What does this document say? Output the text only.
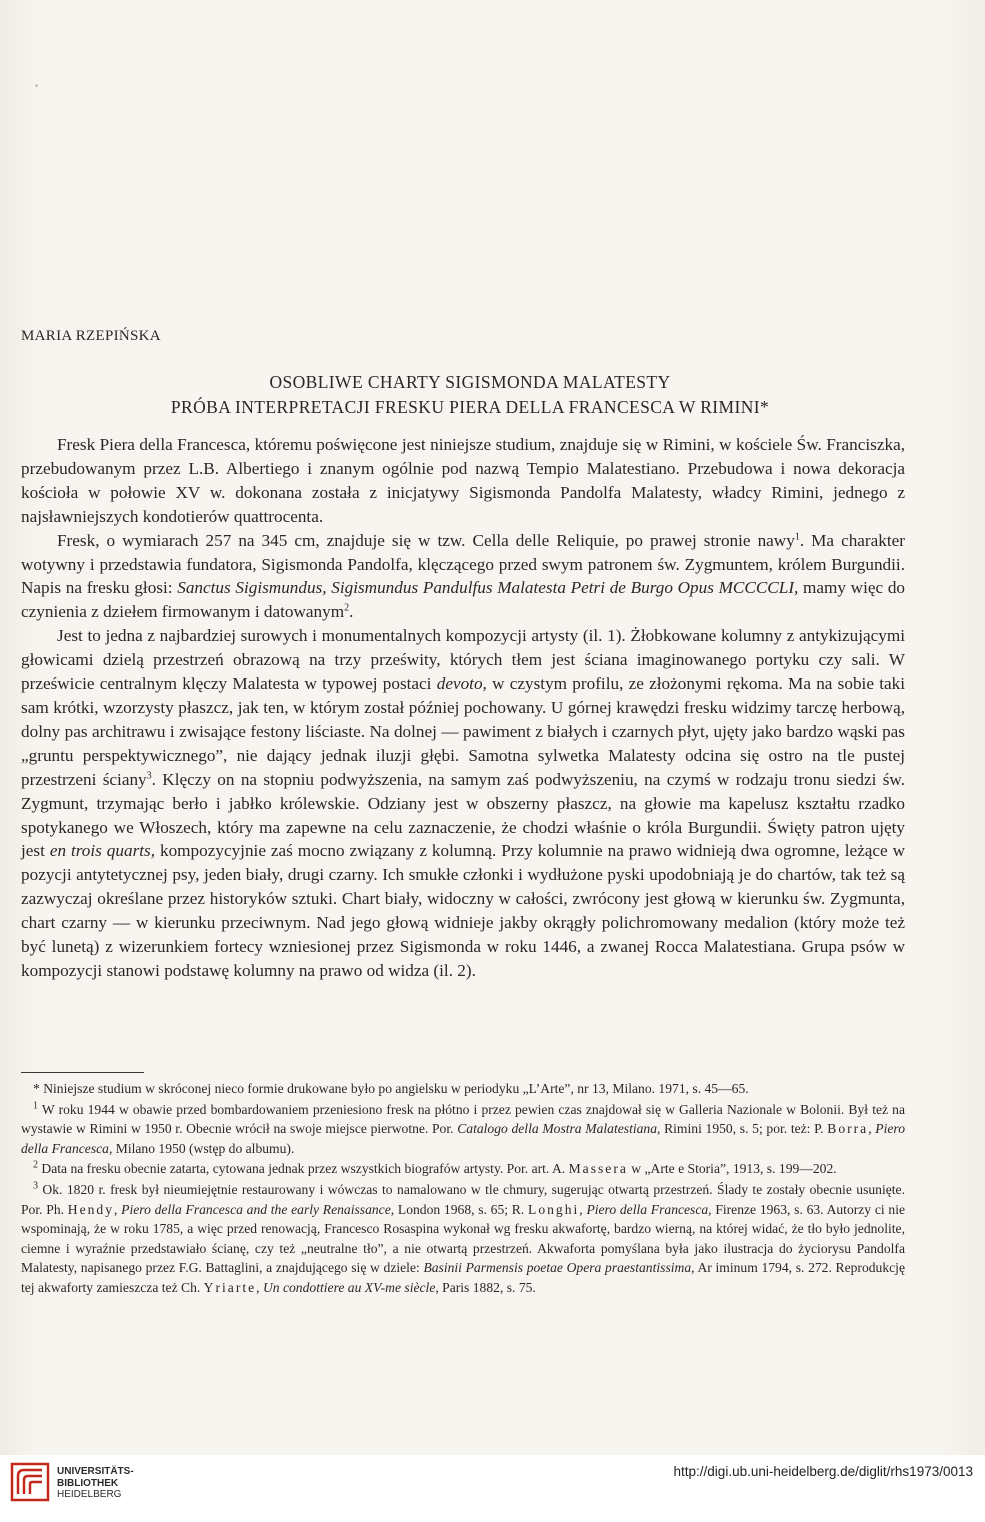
MARIA RZEPIŃSKA
OSOBLIWE CHARTY SIGISMONDA MALATESTY
PRÓBA INTERPRETACJI FRESKU PIERA DELLA FRANCESCA W RIMINI*

Fresk Piera della Francesca, któremu poświęcone jest niniejsze studium, znajduje się w Rimini, w kościele Św. Franciszka, przebudowanym przez L.B. Albertiego i znanym ogólnie pod nazwą Tempio Malatestiano. Przebudowa i nowa dekoracja kościoła w połowie XV w. dokonana została z inicjatywy Sigismonda Pandolfa Malatesty, władcy Rimini, jednego z najsławniejszych kondotierów quattrocenta.

Fresk, o wymiarach 257 na 345 cm, znajduje się w tzw. Cella delle Reliquie, po prawej stronie nawy$^1$. Ma charakter wotywny i przedstawia fundatora, Sigismonda Pandolfa, klęczącego przed swym patronem św. Zygmuntem, królem Burgundii. Napis na fresku głosi: Sanctus Sigismundus, Sigismundus Pandulfus Malatesta Petri de Burgo Opus MCCCCLI, mamy więc do czynienia z dziełem firmowanym i datowanym$^2$.

Jest to jedna z najbardziej surowych i monumentalnych kompozycji artysty (il. 1). Żłobkowane kolumny z antykizującymi głowicami dzielą przestrzeń obrazową na trzy prześwity, których tłem jest ściana imaginowanego portyku czy sali. W prześwicie centralnym klęczy Malatesta w typowej postaci devoto, w czystym profilu, ze złożonymi rękoma. Ma na sobie taki sam krótki, wzorzysty płaszcz, jak ten, w którym został później pochowany. U górnej krawędzi fresku widzimy tarczę herbową, dolny pas architrawu i zwisające festony liściaste. Na dolnej — pawiment z białych i czarnych płyt, ujęty jako bardzo wąski pas „gruntu perspektywicznego”, nie dający jednak iluzji głębi. Samotna sylwetka Malatesty odcina się ostro na tle pustej przestrzeni ściany$^3$. Klęczy on na stopniu podwyższenia, na samym zaś podwyższeniu, na czymś w rodzaju tronu siedzi św. Zygmunt, trzymając berło i jabłko królewskie. Odziany jest w obszerny płaszcz, na głowie ma kapelusz kształtu rzadko spotykanego we Włoszech, który ma zapewne na celu zaznaczenie, że chodzi właśnie o króla Burgundii. Święty patron ujęty jest en trois quarts, kompozycyjnie zaś mocno związany z kolumną. Przy kolumnie na prawo widnieją dwa ogromne, leżące w pozycji antytetycznej psy, jeden biały, drugi czarny. Ich smukłe członki i wydłużone pyski upodobniają je do chartów, tak też są zazwyczaj określane przez historyków sztuki. Chart biały, widoczny w całości, zwrócony jest głową w kierunku św. Zygmunta, chart czarny — w kierunku przeciwnym. Nad jego głową widnieje jakby okrągły polichromowany medalion (który może też być lunetą) z wizerunkiem fortecy wzniesionej przez Sigismonda w roku 1446, a zwanej Rocca Malatestiana. Grupa psów w kompozycji stanowi podstawę kolumny na prawo od widza (il. 2).

* Niniejsze studium w skróconej nieco formie drukowane było po angielsku w periodyku „L’Arte”, nr 13, Milano. 1971, s. 45—65.

$^1$ W roku 1944 w obawie przed bombardowaniem przeniesiono fresk na płótno i przez pewien czas znajdował się w Galleria Nazionale w Bolonii. Był też na wystawie w Rimini w 1950 r. Obecnie wrócił na swoje miejsce pierwotne. Por. Catalogo della Mostra Malatestiana, Rimini 1950, s. 5; por. też: P. Borra, Piero della Francesca, Milano 1950 (wstęp do albumu).

$^2$ Data na fresku obecnie zatarta, cytowana jednak przez wszystkich biografów artysty. Por. art. A. Massera w „Arte e Storia”, 1913, s. 199—202.

$^3$ Ok. 1820 r. fresk był nieumiejętnie restaurowany i wówczas to namalowano w tle chmury, sugerując otwartą przestrzeń. Ślady te zostały obecnie usunięte. Por. Ph. Hendy, Piero della Francesca and the early Renaissance, London 1968, s. 65; R. Longhi, Piero della Francesca, Firenze 1963, s. 63. Autorzy ci nie wspominają, że w roku 1785, a więc przed renowacją, Francesco Rosaspina wykonał wg fresku akwafortę, bardzo wierną, na której widać, że tło było jednolite, ciemne i wyraźnie przedstawiało ścianę, czy też „neutralne tło”, a nie otwartą przestrzeń. Akwaforta pomyślana była jako ilustracja do życiorysu Pandolfa Malatesty, napisanego przez F.G. Battaglini, a znajdującego się w dziele: Basinii Parmensis poetae Opera praestantissima, Ar iminum 1794, s. 272. Reprodukcję tej akwaforty zamieszcza też Ch. Yriarte, Un condottiere au XV-me siècle, Paris 1882, s. 75.

UNIVERSITÄTS-
BIBLIOTHEK
HEIDELBERG
http://digi.ub.uni-heidelberg.de/diglit/rhs1973/0013
